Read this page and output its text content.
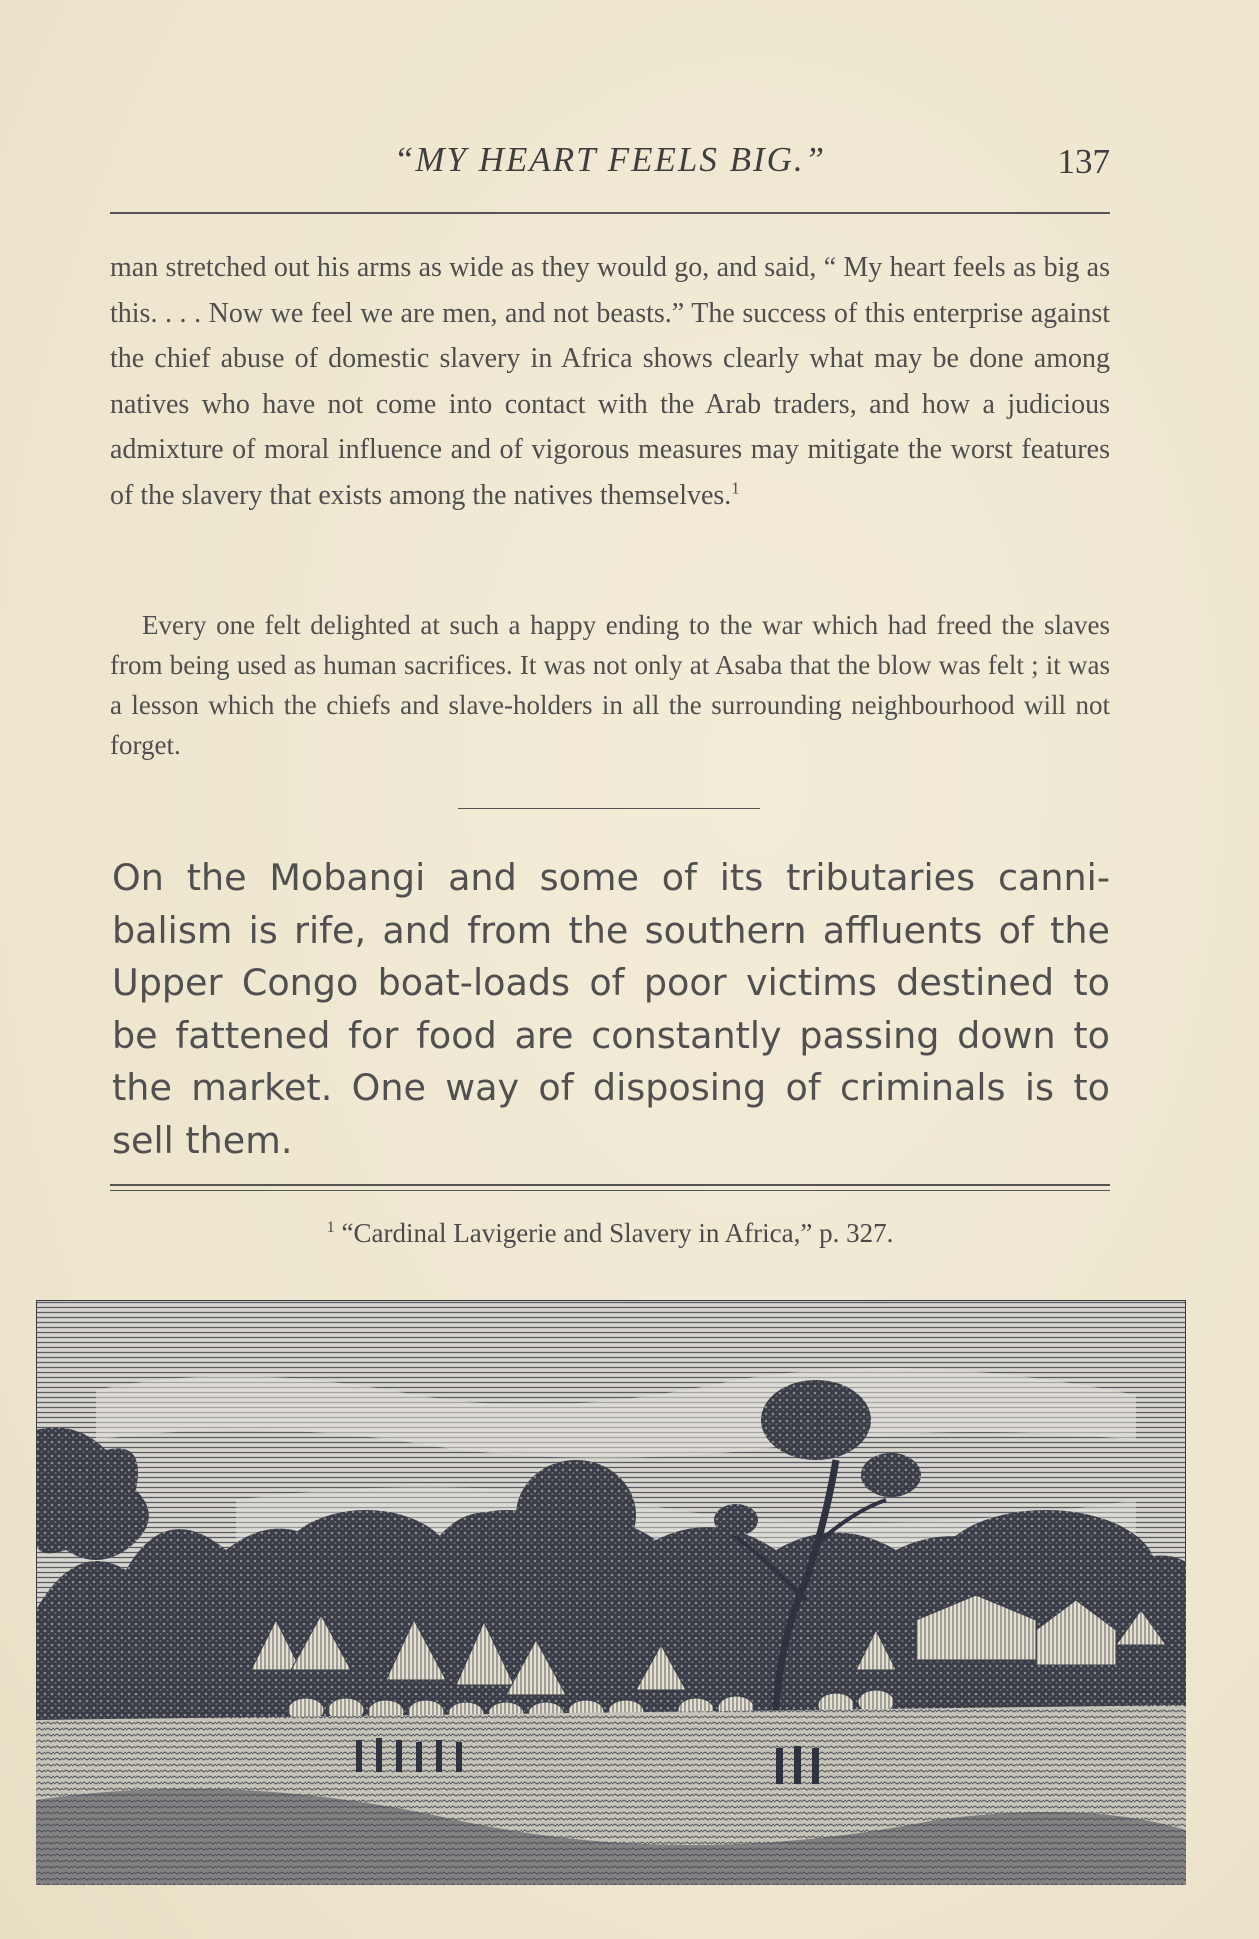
“MY HEART FEELS BIG.”	137

man stretched out his arms as wide as they would go, and said, “ My heart feels as big as this. . . . Now we feel we are men, and not beasts.” The success of this enterprise against the chief abuse of domestic slavery in Africa shows clearly what may be done among natives who have not come into contact with the Arab traders, and how a judicious admixture of moral influence and of vigorous measures may mitigate the worst features of the slavery that exists among the natives themselves.$^1$

Every one felt delighted at such a happy ending to the war which had freed the slaves from being used as human sacrifices. It was not only at Asaba that the blow was felt ; it was a lesson which the chiefs and slave-holders in all the surrounding neighbourhood will not forget.

On the Mobangi and some of its tributaries cannibalism is rife, and from the southern affluents of the Upper Congo boat-loads of poor victims destined to be fattened for food are constantly passing down to the market. One way of disposing of criminals is to sell them.

$^1$ “Cardinal Lavigerie and Slavery in Africa,” p. 327.
